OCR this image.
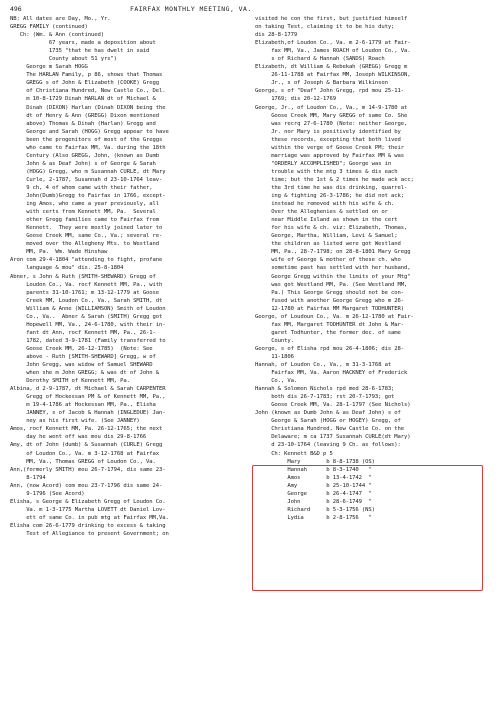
496	FAIRFAX MONTHLY MEETING, VA.
NB: All dates are Day, Mo., Yr.
GREGG FAMILY (continued)
Ch: (Wm. & Ann (continued)
67 years, made a deposition about
1735 "that he has dwelt in said
County about 51 yrs")
George m Sarah HOGG
The HARLAN Family, p 86, shows that Thomas
GREGG s of John & Elizabeth (COOKE) Gregg
of Christiana Hundred, New Castle Co., Del.
m 10-8-1729 Dinah HARLAN dt of Michael &
Dinah (DIXON) Harlan (Dinah DIXON being the
dt of Henry & Ann (GREGG) Dixon mentioned
above) Thomas & Dinah (Harlan) Gregg and
George and Sarah (HOGG) Gregg appear to have
been the progenitors of most of the Greggs
who came to Fairfax MM, Va. during the 18th
Century (Also GREGG, John, (known as Dumb
John & as Deaf John) s of George & Sarah
(HOGG) Gregg, who m Susannah CURLE, dt Mary
Curle, 2-1787, Susannah d 23-10-1764 leav-
9 ch, 4 of whom came with their father,
John(Dumb)Gregg to Fairfax in 1766, except-
ing Amos, who came a year previously, all
with certs from Kennett MM, Pa.  Several
other Gregg families came to Fairfax from
Kennett.  They were mostly joined later to
Goose Creek MM, same Co., Va.; several re-
moved over the Allegheny Mts. to Westland
MM, Pa.  Wm. Wade Hinshaw
Aron com 29-4-1804 "attending to fight, profane
language & mou" dis. 25-8-1804
Abner, s John & Ruth (SMITH-SHEWARD) Gregg of
Loudon Co., Va. rocf Kennett MM, Pa., with
parents 31-10-1761; m 13-12-1779 at Goose
Creek MM, Loudon Co., Va., Sarah SMITH, dt
William & Anne (WILLIAMSON) Smith of Loudon
Co., Va..  Abner & Sarah (SMITH) Gregg got
Hopewell MM, Va., 24-6-1780, with their in-
fant dt Ann, rocf Kennett MM, Pa., 26-1-
1782, dated 3-9-1781 (Family transferred to
Goose Creek MM, 26-12-1785)  (Note: See
above - Ruth [SMITH-SHEWARD] Gregg, w of
John Gregg, was widow of Samuel SHEWARD
when she m John GREGG; & was dt of John &
Dorothy SMITH of Kennett MM, Pa.
Albina, d 2-9-1787, dt Michael & Sarah CARPENTER
Gregg of Hockessan PM & of Kennett MM, Pa.,
m 19-4-1786 at Hockessan MM, Pa., Elisha
JANNEY, s of Jacob & Hannah (INGLEDUE) Jan-
ney as his first wife. (See JANNEY)
Amos, rocf Kennett MM, Pa. 26-12-1765; the next
day he went off was mou dis 29-8-1766
Amy, dt of John (dumb) & Susannah (CURLE) Gregg
of Loudon Co., Va. m 3-12-1768 at Fairfax
MM, Va., Thomas GREGG of Loudon Co., Va.
Ann,(formerly SMITH) mou 26-7-1794, dis same 23-
8-1794
Ann, (now Acord) com mou 23-7-1796 dis same 24-
9-1796 (See Acord)
Elisha, s George & Elizabeth Gregg of Loudon Co.
Va. m 1-3-1775 Martha LOVETT dt Daniel Lov-
ett of same Co. in pub mtg at Fairfax MM,Va.
Elisha com 26-6-1779 drinking to excess & taking
Test of Allegiance to present Government; on
visited he con the first, but justified himself
on taking Test, claiming it to be his duty;
dis 28-8-1779
Elizabeth,of Loudon Co., Va. m 2-6-1779 at Fair-
fax MM, Va., James ROACH of Loudon Co., Va.
s of Richard & Hannah (SANDS) Roach
Elizabeth, dt William & Rebekah (GREGG) Gregg m
26-11-1788 at Fairfax MM, Joseph WILKINSON,
Jr., s of Joseph & Barbara Wilkinson
George, s of "Deaf" John Gregg, rpd mou 25-11-
1769; dis 20-12-1769
George, Jr., of Loudon Co., Va., m 14-9-1780 at
Goose Creek MM, Mary GREGG of same Co. She
was recrq 27-6-1780 (Note: neither George,
Jr. nor Mary is positively identified by
these records, excepting that both lived
within the verge of Goose Creek PM; their
marriage was approved by Fairfax MM & was
"ORDERLY ACCOMPLISHED"; George was in
trouble with the mtg 3 times & dis each
time; but the 1st & 2 times he made ack acc;
the 3rd time he was dis drinking, quarrel-
ing & fighting 26-3-1786; he did not ack;
instead he removed with his wife & ch.
Over the Alleghenies & settled on or
near Middle Island as shown in the cert
for his wife & ch. viz: Elizabeth, Thomas,
George, Martha, William, Levi & Samuel;
the children as listed were got Westland
MM, Pa., 28-7-1798; on 28-8-1801 Mary Gregg
wife of George & mother of these ch. who
sometime past has settled with her husband,
George Gregg within the limits of your Mtg"
was got Westland MM, Pa. (See Westland MM,
Pa.) This George Gregg should not be con-
fused with another George Gregg who m 26-
12-1780 at Fairfax MM Margaret TODHUNTER)
George, of Loudoun Co., Va. m 26-12-1780 at Fair-
fax MM, Margaret TODHUNTER dt John & Mar-
garet Todhunter, the former dec. of same
County.
George, s of Elisha rpd mou 26-4-1806; dis 28-
11-1806
Hannah, of Loudon Co., Va., m 31-3-1768 at
Fairfax MM, Va. Aaron HACKNEY of Frederick
Co., Va.
Hannah & Solomon Nichols rpd med 28-6-1783;
both dis 26-7-1783; rst 20-7-1793; got
Goose Creek MM, Va. 28-1-1797 (See Nichols)
John (known as Dumb John & as Deaf John) s of
George & Sarah (HOGG or HOGEY) Gregg, of
Christiana Hundred, New Castle Co. on the
Delaware; m ca 1737 Susannah CURLE(dt Mary)
d 23-10-1764 (leaving 9 Ch. as follows):
Ch: Kennett B&D p 5
Mary        b 8-8-1738 (OS)
Hannah      b 8-3-1740   "
Amos        b 13-4-1742  "
Amy         b 25-10-1744 "
George      b 26-4-1747  "
John        b 28-6-1749  "
Richard     b 5-3-1756 (NS)
Lydia       b 2-8-1756   "
